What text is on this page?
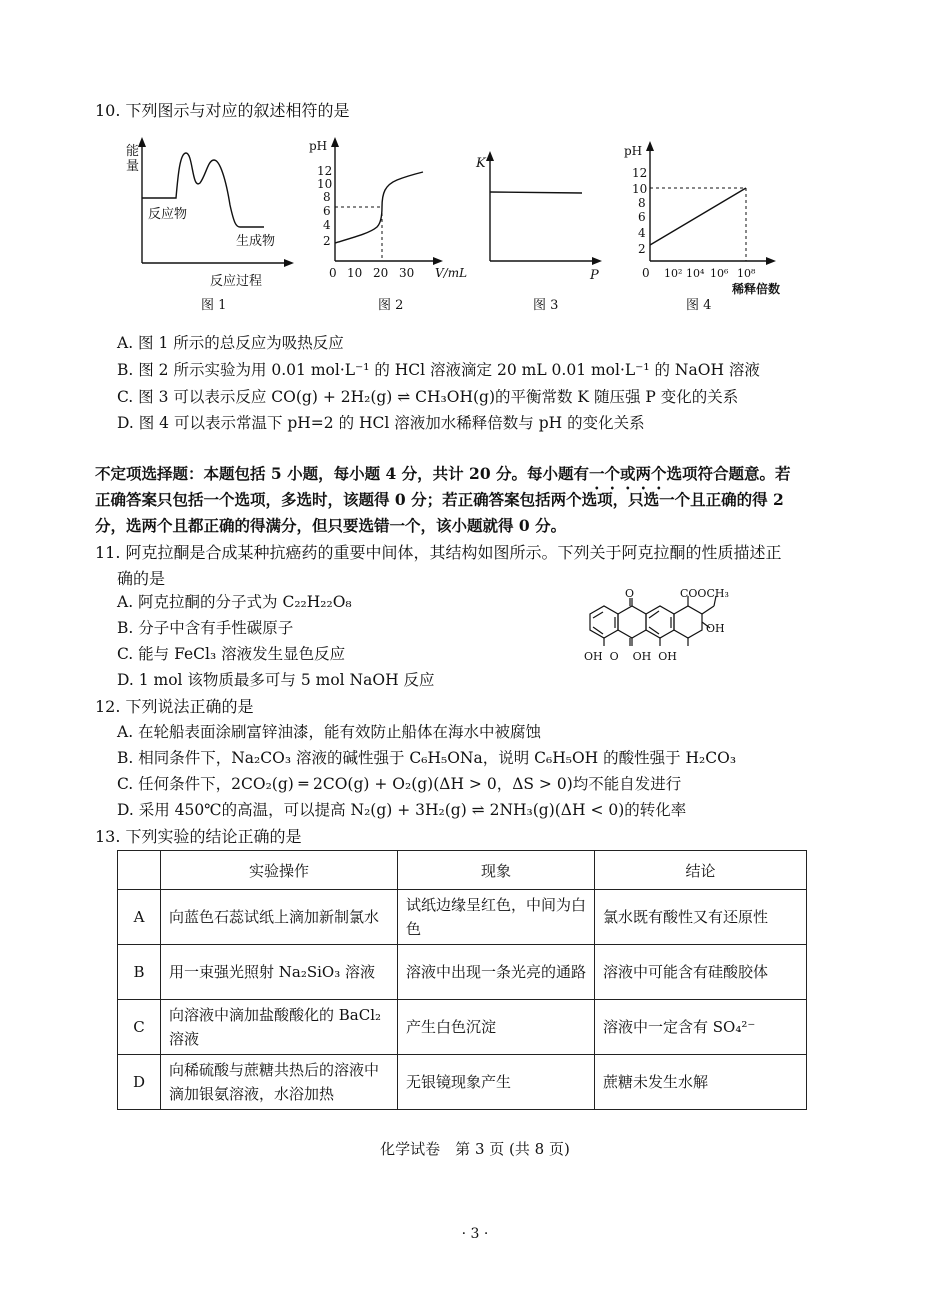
10. 下列图示与对应的叙述相符的是
能
量
反应物
生成物
反应过程
图 1
pH
12
10
8
6
4
2
0 10 20 30 V/mL
图 2
K
P
图 3
pH
12
10
8
6
4
2
0 10² 10⁴ 10⁶ 10⁸
稀释倍数
图 4
A. 图 1 所示的总反应为吸热反应
B. 图 2 所示实验为用 0.01 mol·L⁻¹ 的 HCl 溶液滴定 20 mL 0.01 mol·L⁻¹ 的 NaOH 溶液
C. 图 3 可以表示反应 CO(g) + 2H₂(g) ⇌ CH₃OH(g)的平衡常数 K 随压强 P 变化的关系
D. 图 4 可以表示常温下 pH=2 的 HCl 溶液加水稀释倍数与 pH 的变化关系
不定项选择题：本题包括 5 小题，每小题 4 分，共计 20 分。每小题有一个或两个选项符合题意。若
正确答案只包括一个选项，多选时，该题得 0 分；若正确答案包括两个选项，只选一个且正确的得 2
分，选两个且都正确的得满分，但只要选错一个，该小题就得 0 分。
11. 阿克拉酮是合成某种抗癌药的重要中间体，其结构如图所示。下列关于阿克拉酮的性质描述正
确的是
A. 阿克拉酮的分子式为 C₂₂H₂₂O₈
B. 分子中含有手性碳原子
C. 能与 FeCl₃ 溶液发生显色反应
D. 1 mol 该物质最多可与 5 mol NaOH 反应
O	COOCH₃
OH
OH  O    OH  OH
12. 下列说法正确的是
A. 在轮船表面涂刷富锌油漆，能有效防止船体在海水中被腐蚀
B. 相同条件下，Na₂CO₃ 溶液的碱性强于 C₆H₅ONa，说明 C₆H₅OH 的酸性强于 H₂CO₃
C. 任何条件下，2CO₂(g) ═ 2CO(g) + O₂(g)(ΔH > 0，ΔS > 0)均不能自发进行
D. 采用 450℃的高温，可以提高 N₂(g) + 3H₂(g) ⇌ 2NH₃(g)(ΔH < 0)的转化率
13. 下列实验的结论正确的是
	实验操作	现象	结论
A	向蓝色石蕊试纸上滴加新制氯水	试纸边缘呈红色，中间为白色	氯水既有酸性又有还原性
B	用一束强光照射 Na₂SiO₃ 溶液	溶液中出现一条光亮的通路	溶液中可能含有硅酸胶体
C	向溶液中滴加盐酸酸化的 BaCl₂ 溶液	产生白色沉淀	溶液中一定含有 SO₄²⁻
D	向稀硫酸与蔗糖共热后的溶液中滴加银氨溶液，水浴加热	无银镜现象产生	蔗糖未发生水解
化学试卷　第 3 页 (共 8 页)
· 3 ·
